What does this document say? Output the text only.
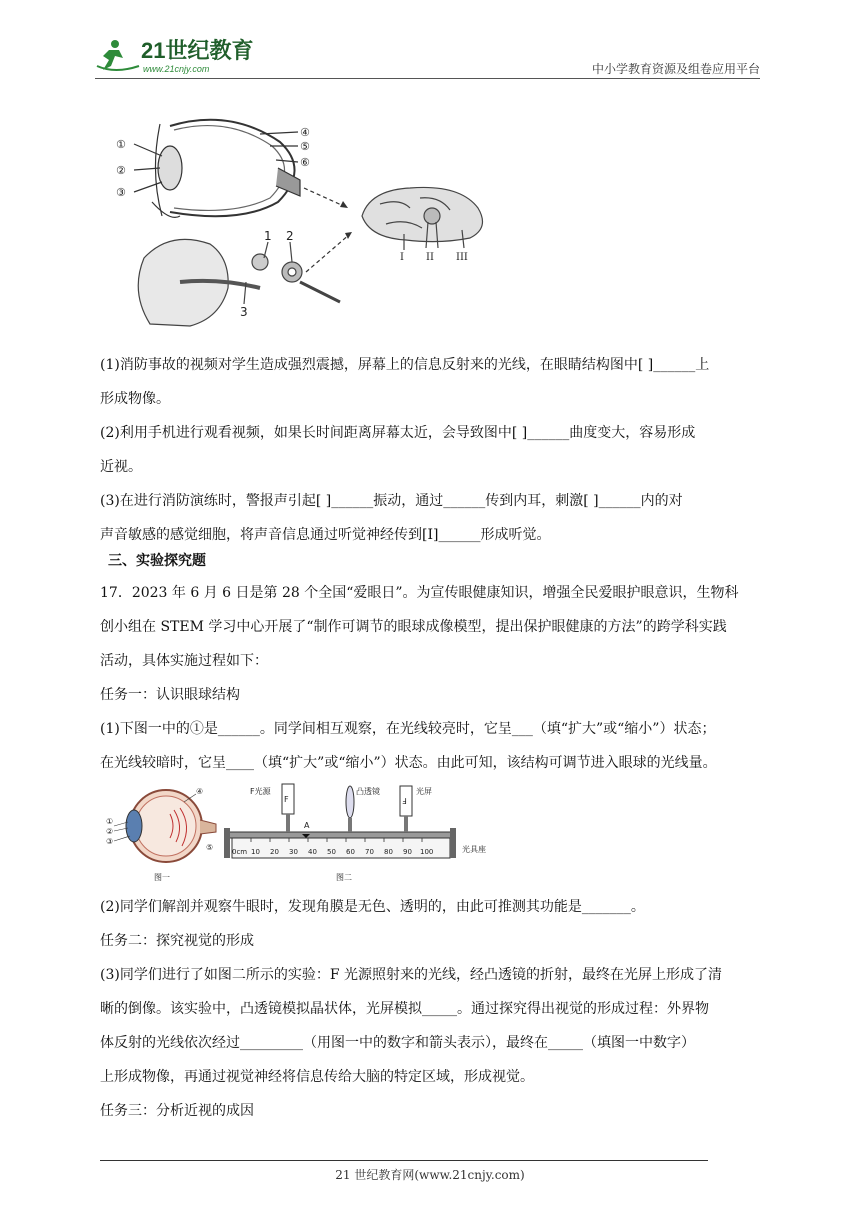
21世纪教育
www.21cnjy.com	中小学教育资源及组卷应用平台
①
②
③
④
⑤
⑥
1 2
3
I II III
(1)消防事故的视频对学生造成强烈震撼，屏幕上的信息反射来的光线，在眼睛结构图中[ ]______上
形成物像。
(2)利用手机进行观看视频，如果长时间距离屏幕太近，会导致图中[ ]______曲度变大，容易形成
近视。
(3)在进行消防演练时，警报声引起[ ]______振动，通过______传到内耳，刺激[ ]______内的对
声音敏感的感觉细胞，将声音信息通过听觉神经传到[I]______形成听觉。
三、实验探究题
17．2023 年 6 月 6 日是第 28 个全国“爱眼日”。为宣传眼健康知识，增强全民爱眼护眼意识，生物科
创小组在 STEM 学习中心开展了“制作可调节的眼球成像模型，提出保护眼健康的方法”的跨学科实践
活动，具体实施过程如下：
任务一：认识眼球结构
(1)下图一中的①是______。同学间相互观察，在光线较亮时，它呈___（填“扩大”或“缩小”）状态；
在光线较暗时，它呈____（填“扩大”或“缩小”）状态。由此可知，该结构可调节进入眼球的光线量。
①
②
③
④
⑤
图一
F	Ⅎ
F光源	凸透镜	光屏
光具座
A
0cm 10 20 30 40 50 60 70 80 90 100
图二
(2)同学们解剖并观察牛眼时，发现角膜是无色、透明的，由此可推测其功能是_______。
任务二：探究视觉的形成
(3)同学们进行了如图二所示的实验：F 光源照射来的光线，经凸透镜的折射，最终在光屏上形成了清
晰的倒像。该实验中，凸透镜模拟晶状体，光屏模拟_____。通过探究得出视觉的形成过程：外界物
体反射的光线依次经过_________（用图一中的数字和箭头表示），最终在_____（填图一中数字）
上形成物像，再通过视觉神经将信息传给大脑的特定区域，形成视觉。
任务三：分析近视的成因
21 世纪教育网(www.21cnjy.com)
